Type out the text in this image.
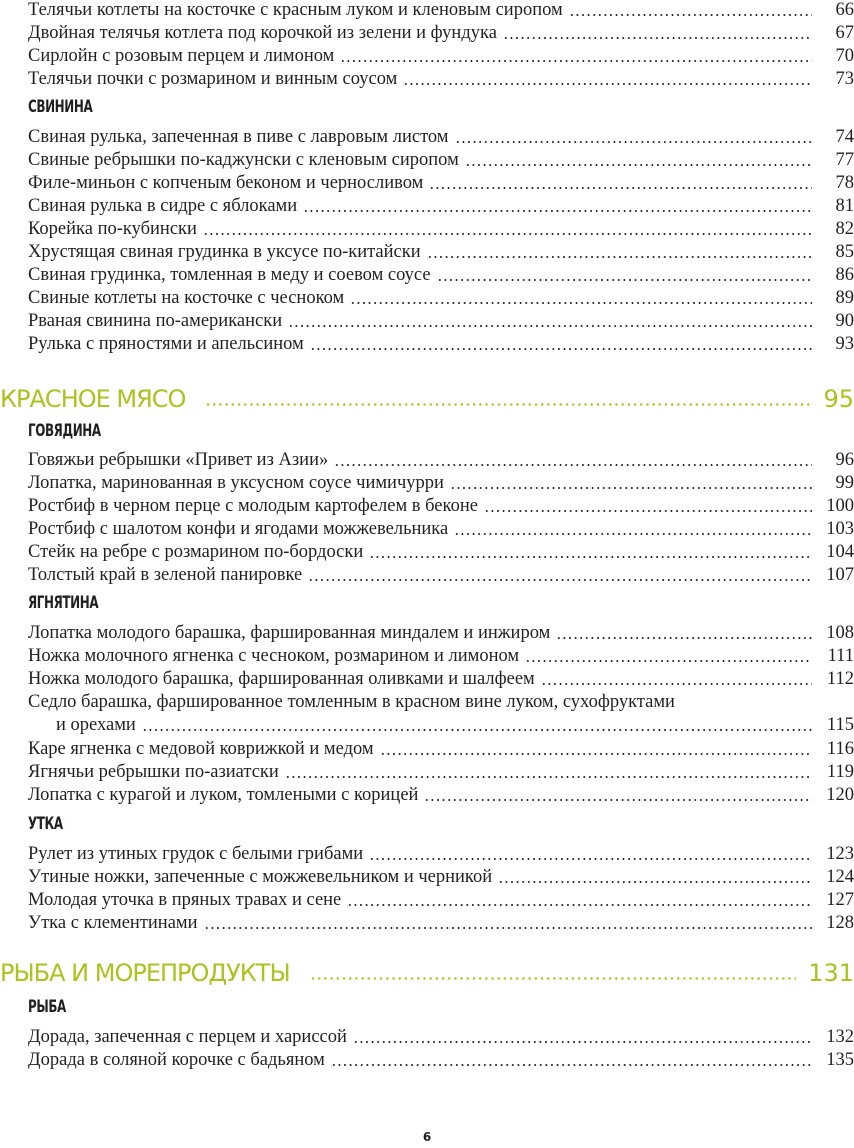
Телячьи котлеты на косточке с красным луком и кленовым сиропом	66
Двойная телячья котлета под корочкой из зелени и фундука	67
Сирлойн с розовым перцем и лимоном	70
Телячьи почки с розмарином и винным соусом	73
СВИНИНА
Свиная рулька, запеченная в пиве с лавровым листом	74
Свиные ребрышки по-каджунски с кленовым сиропом	77
Филе-миньон с копченым беконом и черносливом	78
Свиная рулька в сидре с яблоками	81
Корейка по-кубински	82
Хрустящая свиная грудинка в уксусе по-китайски	85
Свиная грудинка, томленная в меду и соевом соусе	86
Свиные котлеты на косточке с чесноком	89
Рваная свинина по-американски	90
Рулька с пряностями и апельсином	93
КРАСНОЕ МЯСО	95
ГОВЯДИНА
Говяжьи ребрышки «Привет из Азии»	96
Лопатка, маринованная в уксусном соусе чимичурри	99
Ростбиф в черном перце с молодым картофелем в беконе	100
Ростбиф с шалотом конфи и ягодами можжевельника	103
Стейк на ребре с розмарином по-бордоски	104
Толстый край в зеленой панировке	107
ЯГНЯТИНА
Лопатка молодого барашка, фаршированная миндалем и инжиром	108
Ножка молочного ягненка с чесноком, розмарином и лимоном	111
Ножка молодого барашка, фаршированная оливками и шалфеем	112
Седло барашка, фаршированное томленным в красном вине луком, сухофруктами
и орехами	115
Каре ягненка с медовой коврижкой и медом	116
Ягнячьи ребрышки по-азиатски	119
Лопатка с курагой и луком, томлеными с корицей	120
УТКА
Рулет из утиных грудок с белыми грибами	123
Утиные ножки, запеченные с можжевельником и черникой	124
Молодая уточка в пряных травах и сене	127
Утка с клементинами	128
РЫБА И МОРЕПРОДУКТЫ	131
РЫБА
Дорада, запеченная с перцем и хариссой	132
Дорада в соляной корочке с бадьяном	135
6
